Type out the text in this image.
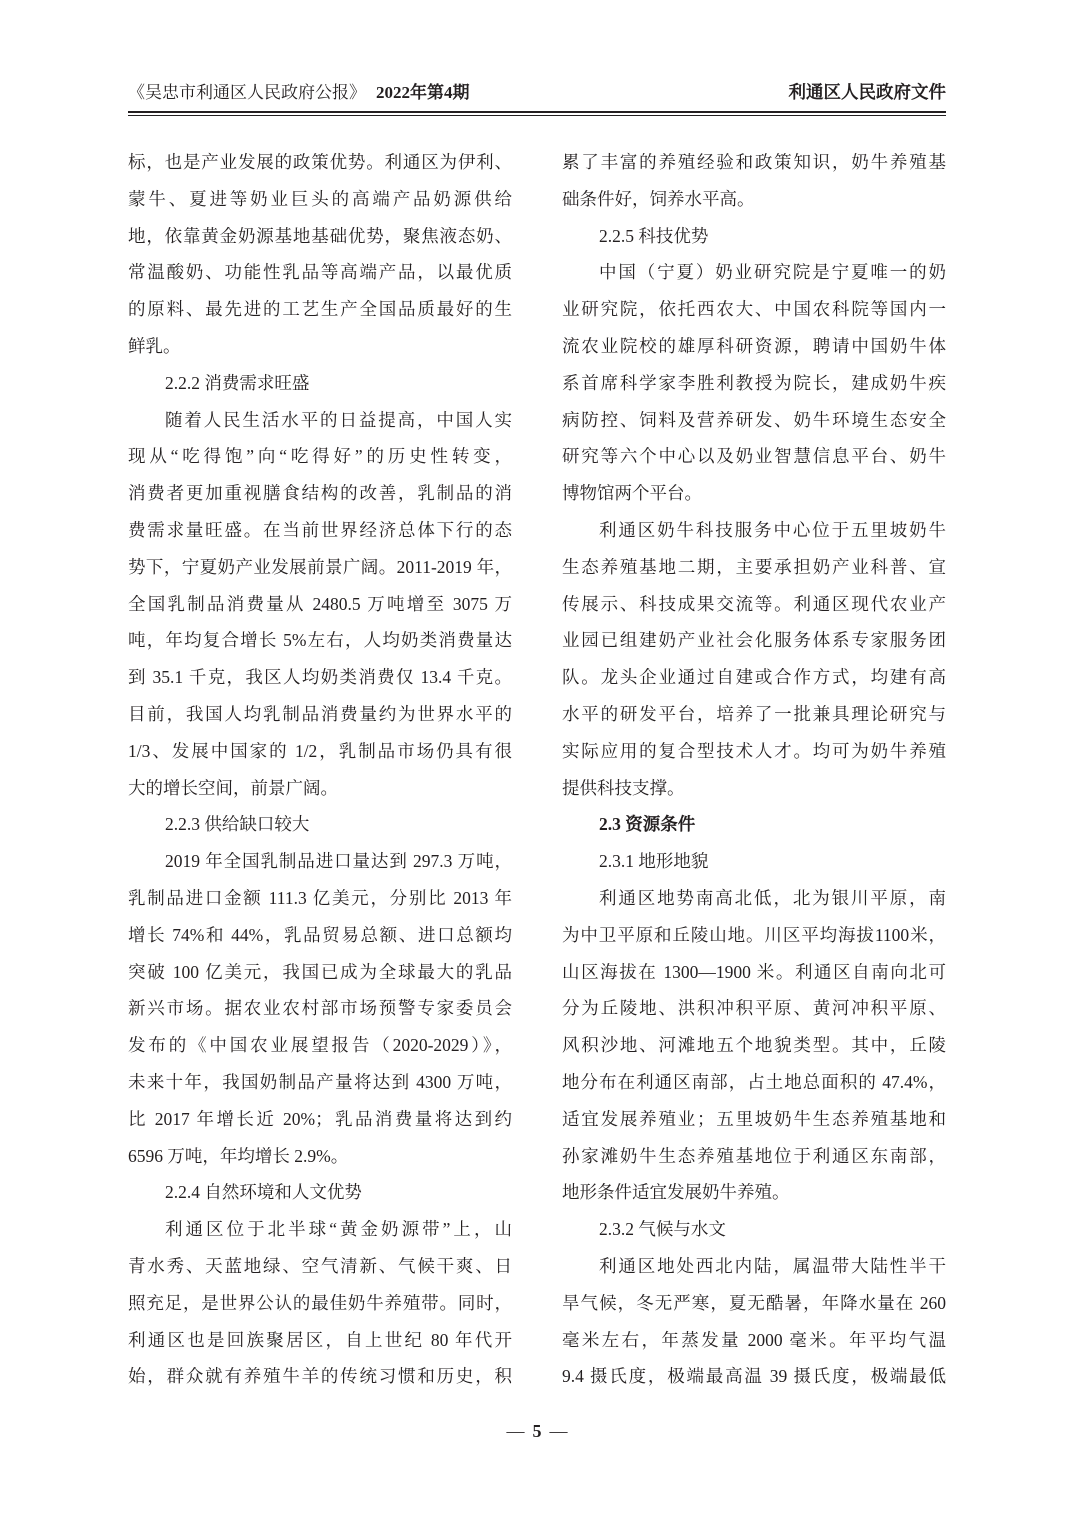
《吴忠市利通区人民政府公报》 2022年第4期	利通区人民政府文件
标，也是产业发展的政策优势。利通区为伊利、
蒙牛、夏进等奶业巨头的高端产品奶源供给
地，依靠黄金奶源基地基础优势，聚焦液态奶、
常温酸奶、功能性乳品等高端产品，以最优质
的原料、最先进的工艺生产全国品质最好的生
鲜乳。
2.2.2 消费需求旺盛
随着人民生活水平的日益提高，中国人实
现从“吃得饱”向“吃得好”的历史性转变，
消费者更加重视膳食结构的改善，乳制品的消
费需求量旺盛。在当前世界经济总体下行的态
势下，宁夏奶产业发展前景广阔。2011-2019 年，
全国乳制品消费量从 2480.5 万吨增至 3075 万
吨，年均复合增长 5%左右，人均奶类消费量达
到 35.1 千克，我区人均奶类消费仅 13.4 千克。
目前，我国人均乳制品消费量约为世界水平的
1/3、发展中国家的 1/2，乳制品市场仍具有很
大的增长空间，前景广阔。
2.2.3 供给缺口较大
2019 年全国乳制品进口量达到 297.3 万吨，
乳制品进口金额 111.3 亿美元，分别比 2013 年
增长 74%和 44%，乳品贸易总额、进口总额均
突破 100 亿美元，我国已成为全球最大的乳品
新兴市场。据农业农村部市场预警专家委员会
发布的《中国农业展望报告（2020-2029）》，
未来十年，我国奶制品产量将达到 4300 万吨，
比 2017 年增长近 20%；乳品消费量将达到约
6596 万吨，年均增长 2.9%。
2.2.4 自然环境和人文优势
利通区位于北半球“黄金奶源带”上，山
青水秀、天蓝地绿、空气清新、气候干爽、日
照充足，是世界公认的最佳奶牛养殖带。同时，
利通区也是回族聚居区，自上世纪 80 年代开
始，群众就有养殖牛羊的传统习惯和历史，积
累了丰富的养殖经验和政策知识，奶牛养殖基
础条件好，饲养水平高。
2.2.5 科技优势
中国（宁夏）奶业研究院是宁夏唯一的奶
业研究院，依托西农大、中国农科院等国内一
流农业院校的雄厚科研资源，聘请中国奶牛体
系首席科学家李胜利教授为院长，建成奶牛疾
病防控、饲料及营养研发、奶牛环境生态安全
研究等六个中心以及奶业智慧信息平台、奶牛
博物馆两个平台。
利通区奶牛科技服务中心位于五里坡奶牛
生态养殖基地二期，主要承担奶产业科普、宣
传展示、科技成果交流等。利通区现代农业产
业园已组建奶产业社会化服务体系专家服务团
队。龙头企业通过自建或合作方式，均建有高
水平的研发平台，培养了一批兼具理论研究与
实际应用的复合型技术人才。均可为奶牛养殖
提供科技支撑。
2.3 资源条件
2.3.1 地形地貌
利通区地势南高北低，北为银川平原，南
为中卫平原和丘陵山地。川区平均海拔1100米，
山区海拔在 1300—1900 米。利通区自南向北可
分为丘陵地、洪积冲积平原、黄河冲积平原、
风积沙地、河滩地五个地貌类型。其中，丘陵
地分布在利通区南部，占土地总面积的 47.4%，
适宜发展养殖业；五里坡奶牛生态养殖基地和
孙家滩奶牛生态养殖基地位于利通区东南部，
地形条件适宜发展奶牛养殖。
2.3.2 气候与水文
利通区地处西北内陆，属温带大陆性半干
旱气候，冬无严寒，夏无酷暑，年降水量在 260
毫米左右，年蒸发量 2000 毫米。年平均气温
9.4 摄氏度，极端最高温 39 摄氏度，极端最低
— 5 —
